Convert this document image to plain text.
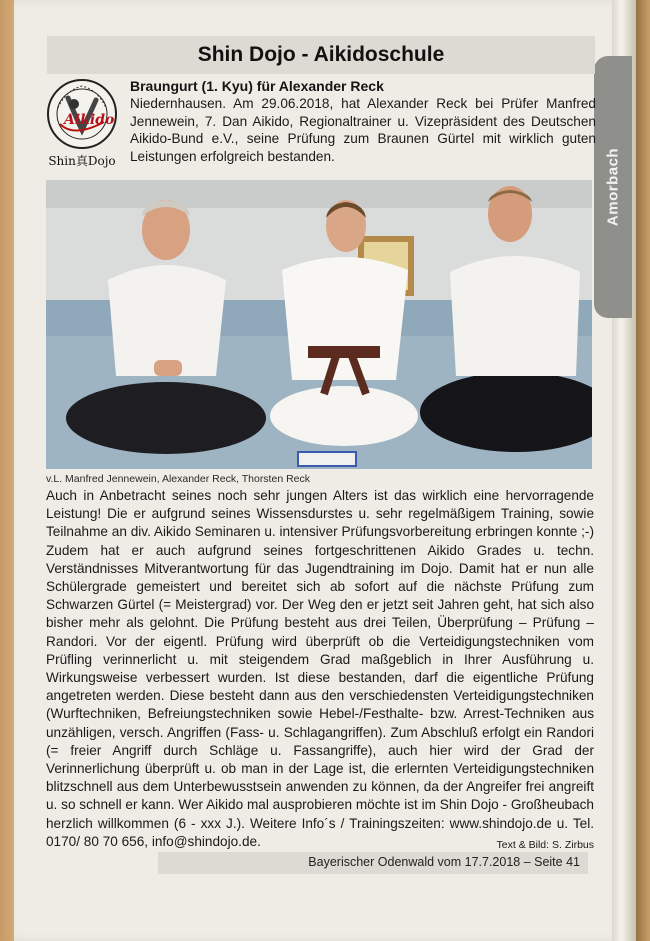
Amorbach
Shin Dojo - Aikidoschule
Aikido
Shin真Dojo
Braungurt (1. Kyu) für Alexander Reck
Niedernhausen. Am 29.06.2018, hat Alexander Reck bei Prüfer Manfred Jennewein, 7. Dan Aikido, Regionaltrainer u. Vizepräsident des Deutschen Aikido-Bund e.V., seine Prüfung zum Braunen Gürtel mit wirklich guten Leistungen erfolgreich bestanden.
v.L. Manfred Jennewein, Alexander Reck, Thorsten Reck
Auch in Anbetracht seines noch sehr jungen Alters ist das wirklich eine hervorragende Leistung! Die er aufgrund seines Wissensdurstes u. sehr regelmäßigem Training, sowie Teilnahme an div. Aikido Seminaren u. intensiver Prüfungsvorbereitung erbringen konnte ;-) Zudem hat er auch aufgrund seines fortgeschrittenen Aikido Grades u. techn. Verständnisses Mitverantwortung für das Jugendtraining im Dojo. Damit hat er nun alle Schülergrade gemeistert und bereitet sich ab sofort auf die nächste Prüfung zum Schwarzen Gürtel (= Meistergrad) vor. Der Weg den er jetzt seit Jahren geht, hat sich also bisher mehr als gelohnt. Die Prüfung besteht aus drei Teilen, Überprüfung – Prüfung – Randori. Vor der eigentl. Prüfung wird überprüft ob die Verteidigungstechniken vom Prüfling verinnerlicht u. mit steigendem Grad maßgeblich in Ihrer Ausführung u. Wirkungsweise verbessert wurden. Ist diese bestanden, darf die eigentliche Prüfung angetreten werden. Diese besteht dann aus den verschiedensten Verteidigungstechniken (Wurftechniken, Befreiungstechniken sowie Hebel-/Festhalte- bzw. Arrest-Techniken aus unzähligen, versch. Angriffen (Fass- u. Schlagangriffen). Zum Abschluß erfolgt ein Randori (= freier Angriff durch Schläge u. Fassangriffe), auch hier wird der Grad der Verinnerlichung überprüft u. ob man in der Lage ist, die erlernten Verteidigungstechniken blitzschnell aus dem Unterbewusstsein anwenden zu können, da der Angreifer frei angreift u. so schnell er kann. Wer Aikido mal ausprobieren möchte ist im Shin Dojo - Großheubach herzlich willkommen (6 - xxx J.). Weitere Info´s / Trainingszeiten: www.shindojo.de u. Tel. 0170/ 80 70 656, info@shindojo.de.	Text & Bild: S. Zirbus
Bayerischer Odenwald vom 17.7.2018 – Seite 41
